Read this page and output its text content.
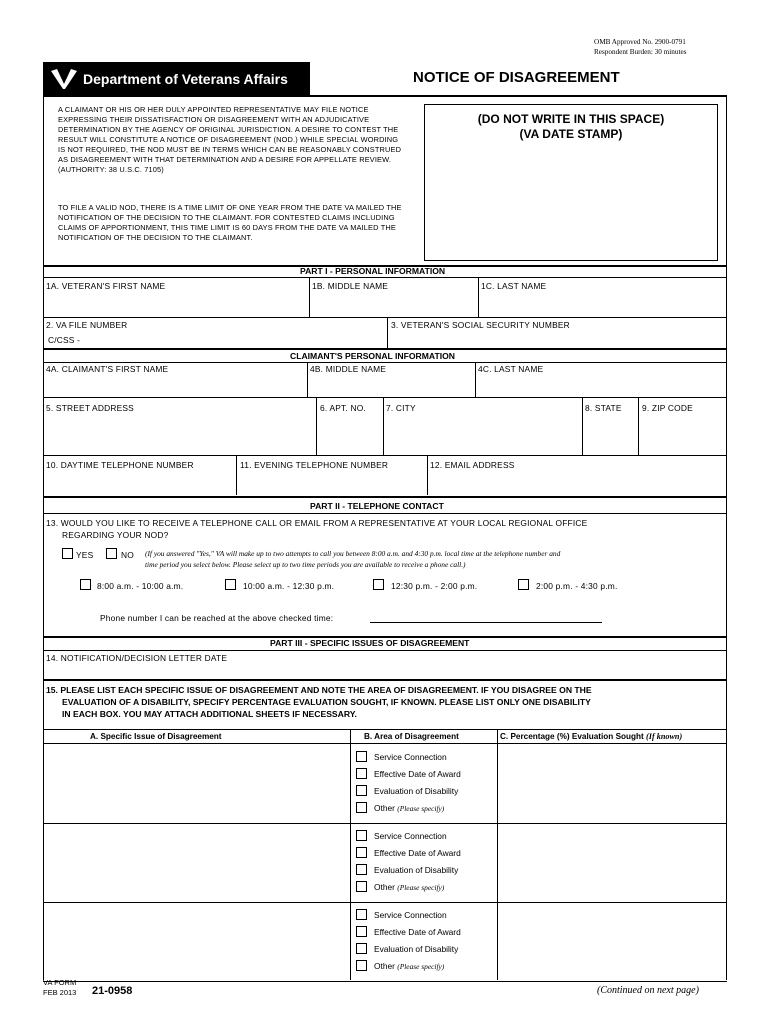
OMB Approved No. 2900-0791
Respondent Burden: 30 minutes
Department of Veterans Affairs	NOTICE OF DISAGREEMENT
A CLAIMANT OR HIS OR HER DULY APPOINTED REPRESENTATIVE MAY FILE NOTICE EXPRESSING THEIR DISSATISFACTION OR DISAGREEMENT WITH AN ADJUDICATIVE DETERMINATION BY THE AGENCY OF ORIGINAL JURISDICTION. A DESIRE TO CONTEST THE RESULT WILL CONSTITUTE A NOTICE OF DISAGREEMENT (NOD.) WHILE SPECIAL WORDING IS NOT REQUIRED, THE NOD MUST BE IN TERMS WHICH CAN BE REASONABLY CONSTRUED AS DISAGREEMENT WITH THAT DETERMINATION AND A DESIRE FOR APPELLATE REVIEW. (AUTHORITY: 38 U.S.C. 7105)
TO FILE A VALID NOD, THERE IS A TIME LIMIT OF ONE YEAR FROM THE DATE VA MAILED THE NOTIFICATION OF THE DECISION TO THE CLAIMANT. FOR CONTESTED CLAIMS INCLUDING CLAIMS OF APPORTIONMENT, THIS TIME LIMIT IS 60 DAYS FROM THE DATE VA MAILED THE NOTIFICATION OF THE DECISION TO THE CLAIMANT.
(DO NOT WRITE IN THIS SPACE)
(VA DATE STAMP)
PART I - PERSONAL INFORMATION
1A. VETERAN'S FIRST NAME	1B. MIDDLE NAME	1C. LAST NAME
2. VA FILE NUMBER
C/CSS -
3. VETERAN'S SOCIAL SECURITY NUMBER
CLAIMANT'S PERSONAL INFORMATION
4A. CLAIMANT'S FIRST NAME	4B. MIDDLE NAME	4C. LAST NAME
5. STREET ADDRESS	6. APT. NO. 7. CITY	8. STATE 9. ZIP CODE
10. DAYTIME TELEPHONE NUMBER	11. EVENING TELEPHONE NUMBER	12. EMAIL ADDRESS
PART II - TELEPHONE CONTACT
13. WOULD YOU LIKE TO RECEIVE A TELEPHONE CALL OR EMAIL FROM A REPRESENTATIVE AT YOUR LOCAL REGIONAL OFFICE
REGARDING YOUR NOD?
YES	NO (If you answered "Yes," VA will make up to two attempts to call you between 8:00 a.m. and 4:30 p.m. local time at the telephone number and
time period you select below. Please select up to two time periods you are available to receive a phone call.)
8:00 a.m. - 10:00 a.m.	10:00 a.m. - 12:30 p.m.	12:30 p.m. - 2:00 p.m.	2:00 p.m. - 4:30 p.m.
Phone number I can be reached at the above checked time:
PART III - SPECIFIC ISSUES OF DISAGREEMENT
14. NOTIFICATION/DECISION LETTER DATE
15. PLEASE LIST EACH SPECIFIC ISSUE OF DISAGREEMENT AND NOTE THE AREA OF DISAGREEMENT. IF YOU DISAGREE ON THE
EVALUATION OF A DISABILITY, SPECIFY PERCENTAGE EVALUATION SOUGHT, IF KNOWN. PLEASE LIST ONLY ONE DISABILITY
IN EACH BOX. YOU MAY ATTACH ADDITIONAL SHEETS IF NECESSARY.
A. Specific Issue of Disagreement	B. Area of Disagreement	C. Percentage (%) Evaluation Sought (If known)
Service Connection
Effective Date of Award
Evaluation of Disability
Other (Please specify)
Service Connection
Effective Date of Award
Evaluation of Disability
Other (Please specify)
Service Connection
Effective Date of Award
Evaluation of Disability
Other (Please specify)
VA FORM
FEB 2013 21-0958	(Continued on next page)
